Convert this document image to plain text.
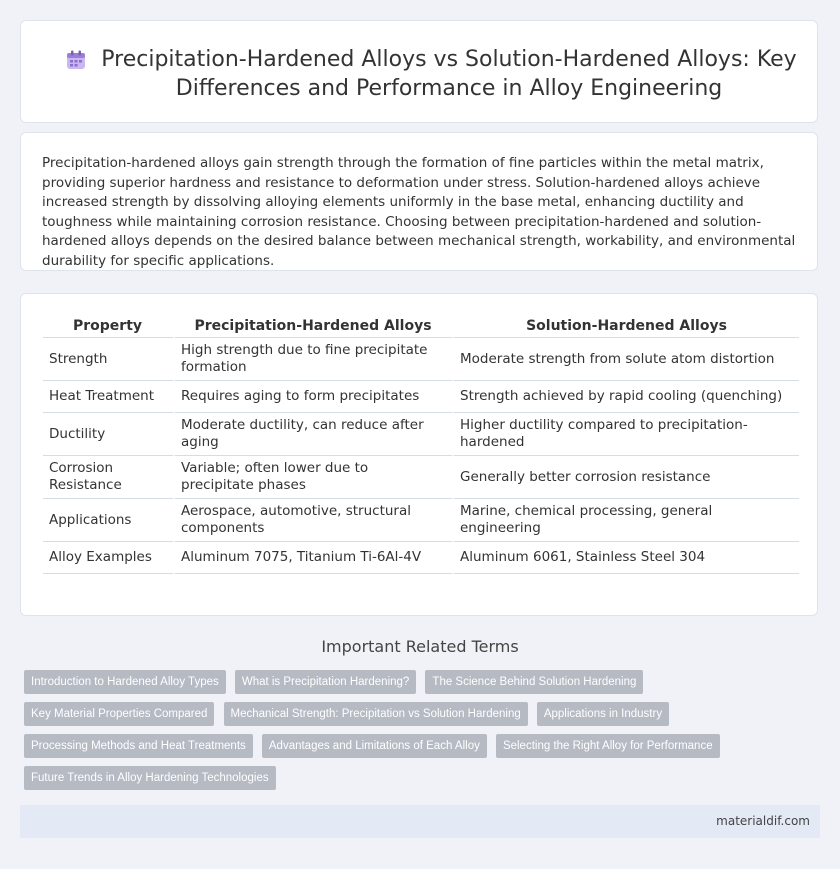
Precipitation-Hardened Alloys vs Solution-Hardened Alloys: Key Differences and Performance in Alloy Engineering

Precipitation-hardened alloys gain strength through the formation of fine particles within the metal matrix, providing superior hardness and resistance to deformation under stress. Solution-hardened alloys achieve increased strength by dissolving alloying elements uniformly in the base metal, enhancing ductility and toughness while maintaining corrosion resistance. Choosing between precipitation-hardened and solution-hardened alloys depends on the desired balance between mechanical strength, workability, and environmental durability for specific applications.

Property	Precipitation-Hardened Alloys	Solution-Hardened Alloys
Strength	High strength due to fine precipitate formation	Moderate strength from solute atom distortion
Heat Treatment	Requires aging to form precipitates	Strength achieved by rapid cooling (quenching)
Ductility	Moderate ductility, can reduce after aging	Higher ductility compared to precipitation-hardened
Corrosion Resistance	Variable; often lower due to precipitate phases	Generally better corrosion resistance
Applications	Aerospace, automotive, structural components	Marine, chemical processing, general engineering
Alloy Examples	Aluminum 7075, Titanium Ti-6Al-4V	Aluminum 6061, Stainless Steel 304
Important Related Terms
Introduction to Hardened Alloy Types What is Precipitation Hardening? The Science Behind Solution Hardening Key Material Properties Compared Mechanical Strength: Precipitation vs Solution Hardening Applications in Industry Processing Methods and Heat Treatments Advantages and Limitations of Each Alloy Selecting the Right Alloy for Performance Future Trends in Alloy Hardening Technologies
materialdif.com
